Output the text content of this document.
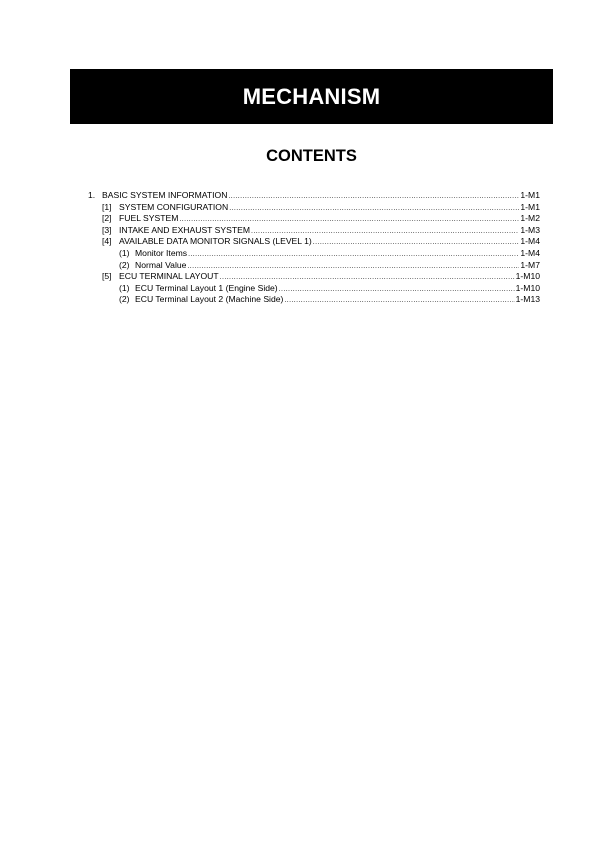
MECHANISM
CONTENTS
1. BASIC SYSTEM INFORMATION .....	1-M1
[1] SYSTEM CONFIGURATION .....	1-M1
[2] FUEL SYSTEM .....	1-M2
[3] INTAKE AND EXHAUST SYSTEM .....	1-M3
[4] AVAILABLE DATA MONITOR SIGNALS (LEVEL 1) .....	1-M4
(1) Monitor Items .....	1-M4
(2) Normal Value .....	1-M7
[5] ECU TERMINAL LAYOUT .....	1-M10
(1) ECU Terminal Layout 1 (Engine Side) .....	1-M10
(2) ECU Terminal Layout 2 (Machine Side) .....	1-M13
